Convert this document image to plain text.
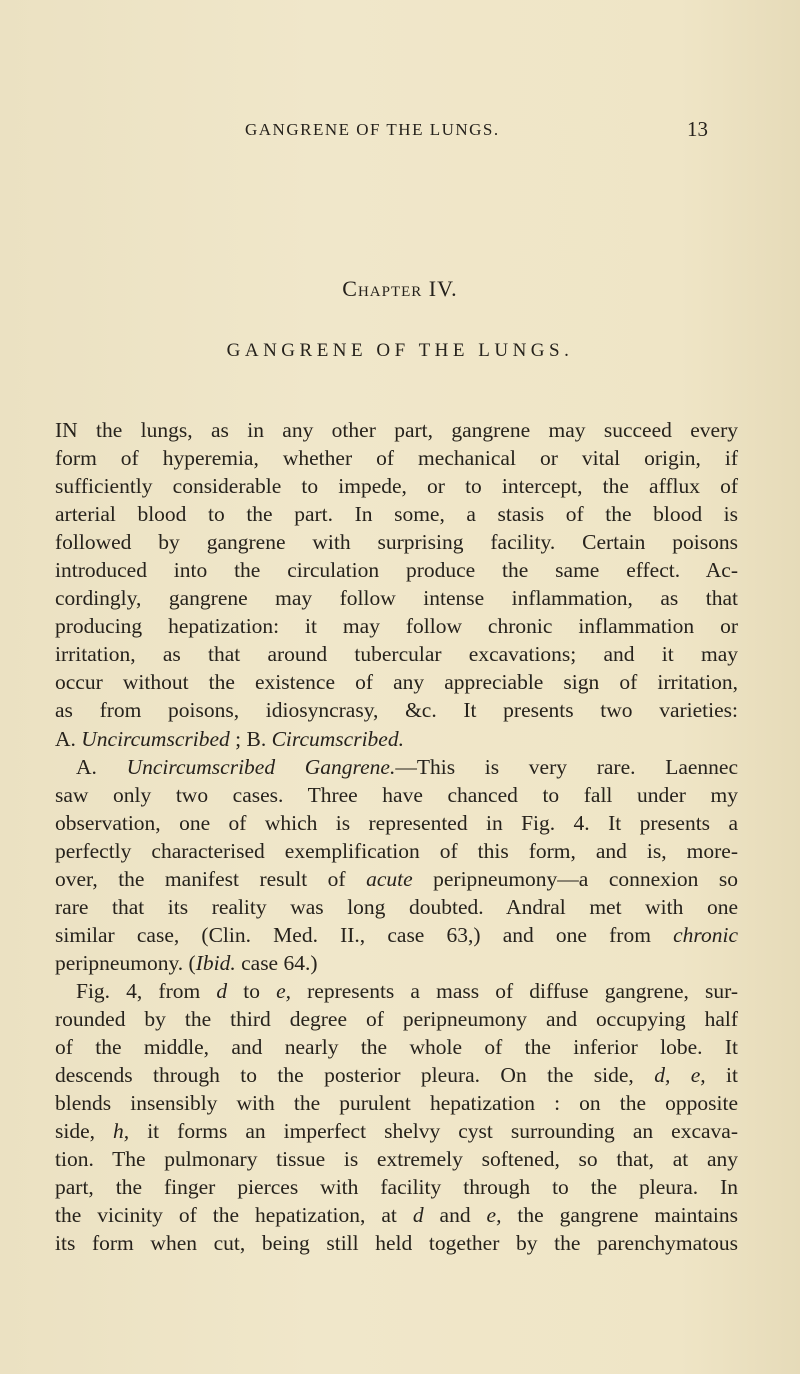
GANGRENE OF THE LUNGS.	13
Chapter IV.
GANGRENE OF THE LUNGS.
IN the lungs, as in any other part, gangrene may succeed every
form of hyperemia, whether of mechanical or vital origin, if
sufficiently considerable to impede, or to intercept, the afflux of
arterial blood to the part. In some, a stasis of the blood is
followed by gangrene with surprising facility. Certain poisons
introduced into the circulation produce the same effect. Ac-
cordingly, gangrene may follow intense inflammation, as that
producing hepatization: it may follow chronic inflammation or
irritation, as that around tubercular excavations; and it may
occur without the existence of any appreciable sign of irritation,
as from poisons, idiosyncrasy, &c. It presents two varieties:
A. Uncircumscribed ; B. Circumscribed.
A. Uncircumscribed Gangrene.—This is very rare. Laennec
saw only two cases. Three have chanced to fall under my
observation, one of which is represented in Fig. 4. It presents a
perfectly characterised exemplification of this form, and is, more-
over, the manifest result of acute peripneumony—a connexion so
rare that its reality was long doubted. Andral met with one
similar case, (Clin. Med. II., case 63,) and one from chronic
peripneumony. (Ibid. case 64.)
Fig. 4, from d to e, represents a mass of diffuse gangrene, sur-
rounded by the third degree of peripneumony and occupying half
of the middle, and nearly the whole of the inferior lobe. It
descends through to the posterior pleura. On the side, d, e, it
blends insensibly with the purulent hepatization : on the opposite
side, h, it forms an imperfect shelvy cyst surrounding an excava-
tion. The pulmonary tissue is extremely softened, so that, at any
part, the finger pierces with facility through to the pleura. In
the vicinity of the hepatization, at d and e, the gangrene maintains
its form when cut, being still held together by the parenchymatous
